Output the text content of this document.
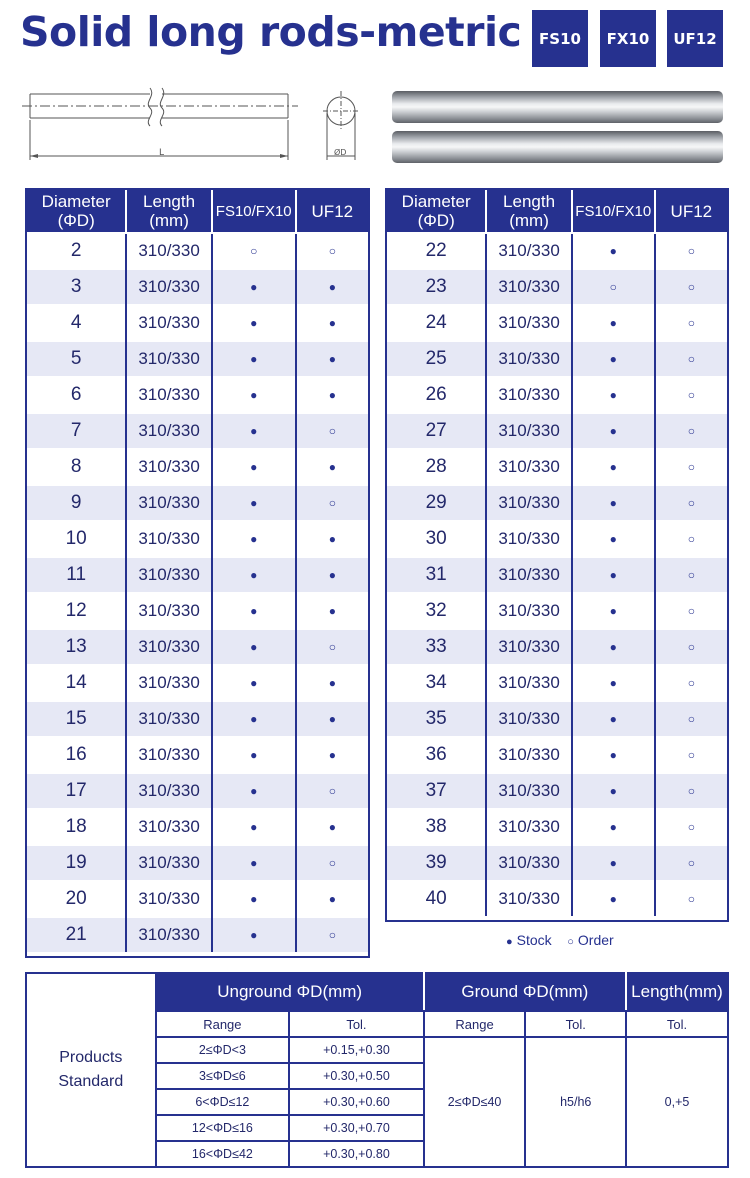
Solid long rods-metric	FS10	FX10	UF12
L	ØD
Diameter (ΦD)	Length (mm)	FS10/FX10	UF12
2	310/330	○	○
3	310/330	●	●
4	310/330	●	●
5	310/330	●	●
6	310/330	●	●
7	310/330	●	○
8	310/330	●	●
9	310/330	●	○
10	310/330	●	●
11	310/330	●	●
12	310/330	●	●
13	310/330	●	○
14	310/330	●	●
15	310/330	●	●
16	310/330	●	●
17	310/330	●	○
18	310/330	●	●
19	310/330	●	○
20	310/330	●	●
21	310/330	●	○
Diameter (ΦD)	Length (mm)	FS10/FX10	UF12
22	310/330	●	○
23	310/330	○	○
24	310/330	●	○
25	310/330	●	○
26	310/330	●	○
27	310/330	●	○
28	310/330	●	○
29	310/330	●	○
30	310/330	●	○
31	310/330	●	○
32	310/330	●	○
33	310/330	●	○
34	310/330	●	○
35	310/330	●	○
36	310/330	●	○
37	310/330	●	○
38	310/330	●	○
39	310/330	●	○
40	310/330	●	○
● Stock ○ Order
Products
Standard	Unground ΦD(mm)		Ground ΦD(mm)		Length(mm)
	Range	Tol.	Range	Tol.	Tol.
	2≤ΦD<3	+0.15,+0.30	2≤ΦD≤40	h5/h6	0,+5
	3≤ΦD≤6	+0.30,+0.50			
	6<ΦD≤12	+0.30,+0.60			
	12<ΦD≤16	+0.30,+0.70			
	16<ΦD≤42	+0.30,+0.80			
